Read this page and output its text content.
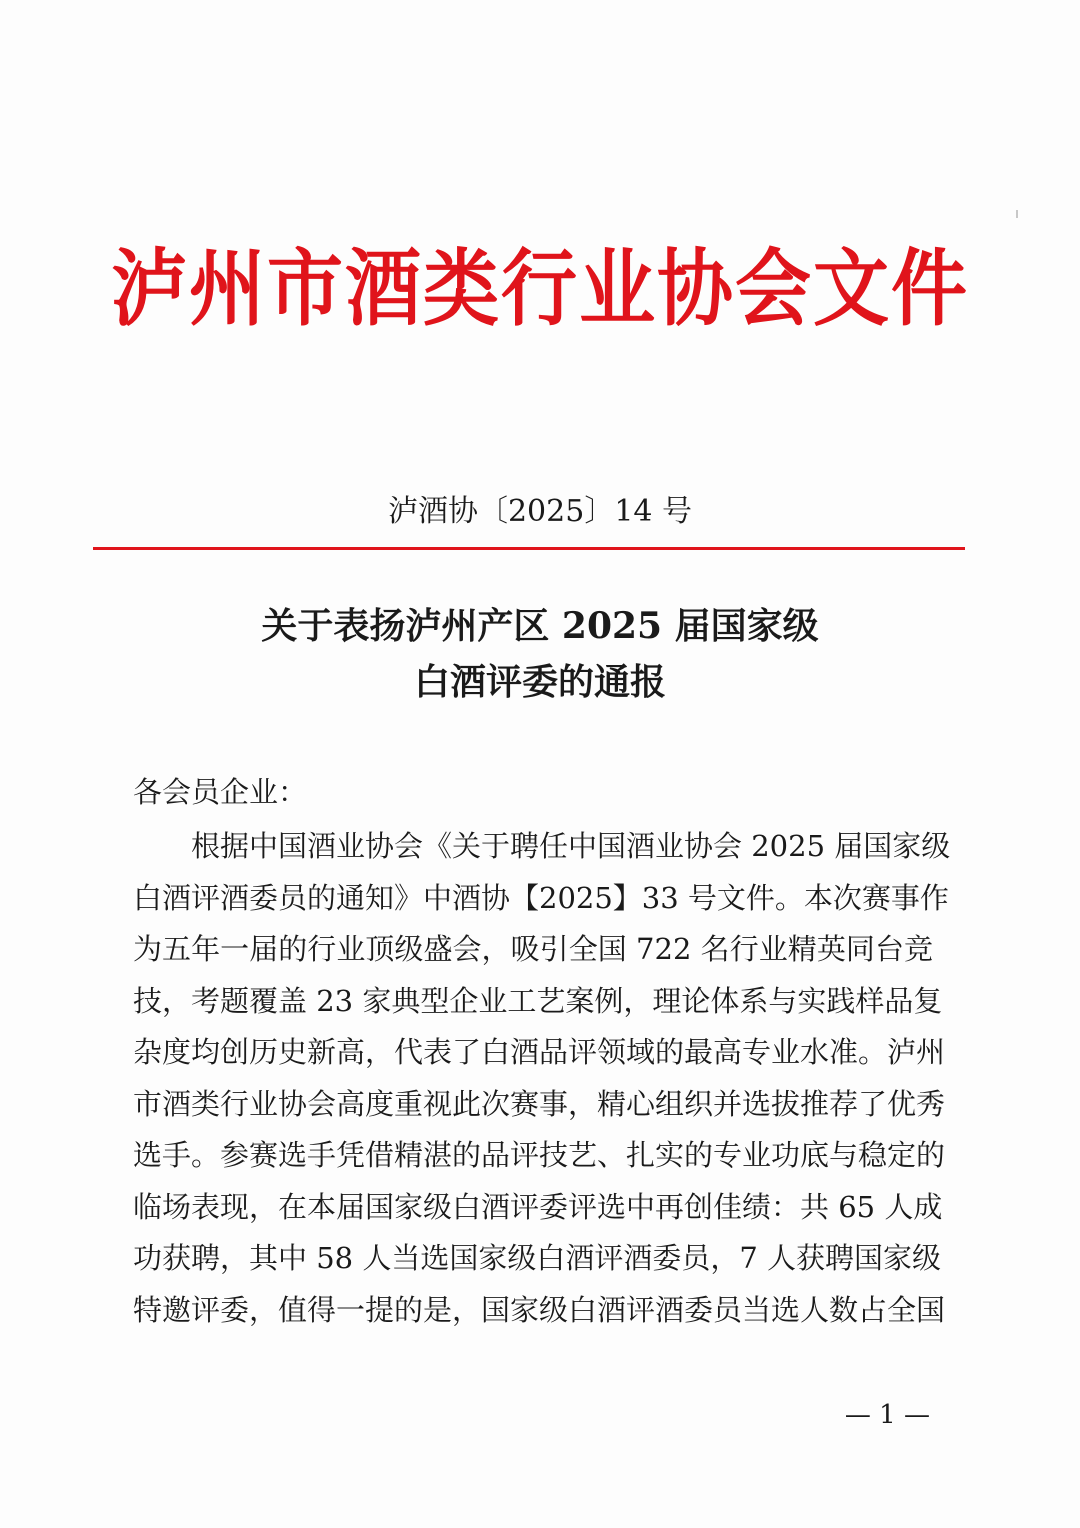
泸州市酒类行业协会文件
泸酒协〔2025〕14 号
关于表扬泸州产区 2025 届国家级
白酒评委的通报
各会员企业：
根据中国酒业协会《关于聘任中国酒业协会 2025 届国家级
白酒评酒委员的通知》中酒协【2025】33 号文件。本次赛事作
为五年一届的行业顶级盛会，吸引全国 722 名行业精英同台竞
技，考题覆盖 23 家典型企业工艺案例，理论体系与实践样品复
杂度均创历史新高，代表了白酒品评领域的最高专业水准。泸州
市酒类行业协会高度重视此次赛事，精心组织并选拔推荐了优秀
选手。参赛选手凭借精湛的品评技艺、扎实的专业功底与稳定的
临场表现，在本届国家级白酒评委评选中再创佳绩：共 65 人成
功获聘，其中 58 人当选国家级白酒评酒委员，7 人获聘国家级
特邀评委，值得一提的是，国家级白酒评酒委员当选人数占全国
— 1 —
